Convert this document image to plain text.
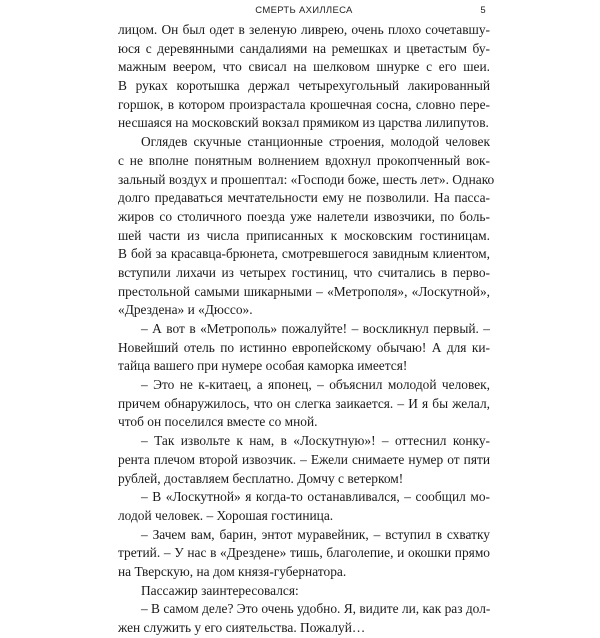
СМЕРТЬ АХИЛЛЕСА	5

лицом. Он был одет в зеленую ливрею, очень плохо сочетавшу-
юся с деревянными сандалиями на ремешках и цветастым бу-
мажным веером, что свисал на шелковом шнурке с его шеи.
В руках коротышка держал четырехугольный лакированный
горшок, в котором произрастала крошечная сосна, словно пере-
несшаяся на московский вокзал прямиком из царства лилипутов.

Оглядев скучные станционные строения, молодой человек
с не вполне понятным волнением вдохнул прокопченный вок-
зальный воздух и прошептал: «Господи боже, шесть лет». Однако
долго предаваться мечтательности ему не позволили. На пасса-
жиров со столичного поезда уже налетели извозчики, по боль-
шей части из числа приписанных к московским гостиницам.
В бой за красавца-брюнета, смотревшегося завидным клиентом,
вступили лихачи из четырех гостиниц, что считались в перво-
престольной самыми шикарными – «Метрополя», «Лоскутной»,
«Дрездена» и «Дюссо».

– А вот в «Метрополь» пожалуйте! – воскликнул первый. –
Новейший отель по истинно европейскому обычаю! А для ки-
тайца вашего при нумере особая каморка имеется!

– Это не к-китаец, а японец, – объяснил молодой человек,
причем обнаружилось, что он слегка заикается. – И я бы желал,
чтоб он поселился вместе со мной.

– Так извольте к нам, в «Лоскутную»! – оттеснил конку-
рента плечом второй извозчик. – Ежели снимаете нумер от пяти
рублей, доставляем бесплатно. Домчу с ветерком!

– В «Лоскутной» я когда-то останавливался, – сообщил мо-
лодой человек. – Хорошая гостиница.

– Зачем вам, барин, энтот муравейник, – вступил в схватку
третий. – У нас в «Дрездене» тишь, благолепие, и окошки прямо
на Тверскую, на дом князя-губернатора.

Пассажир заинтересовался:

– В самом деле? Это очень удобно. Я, видите ли, как раз дол-
жен служить у его сиятельства. Пожалуй…
